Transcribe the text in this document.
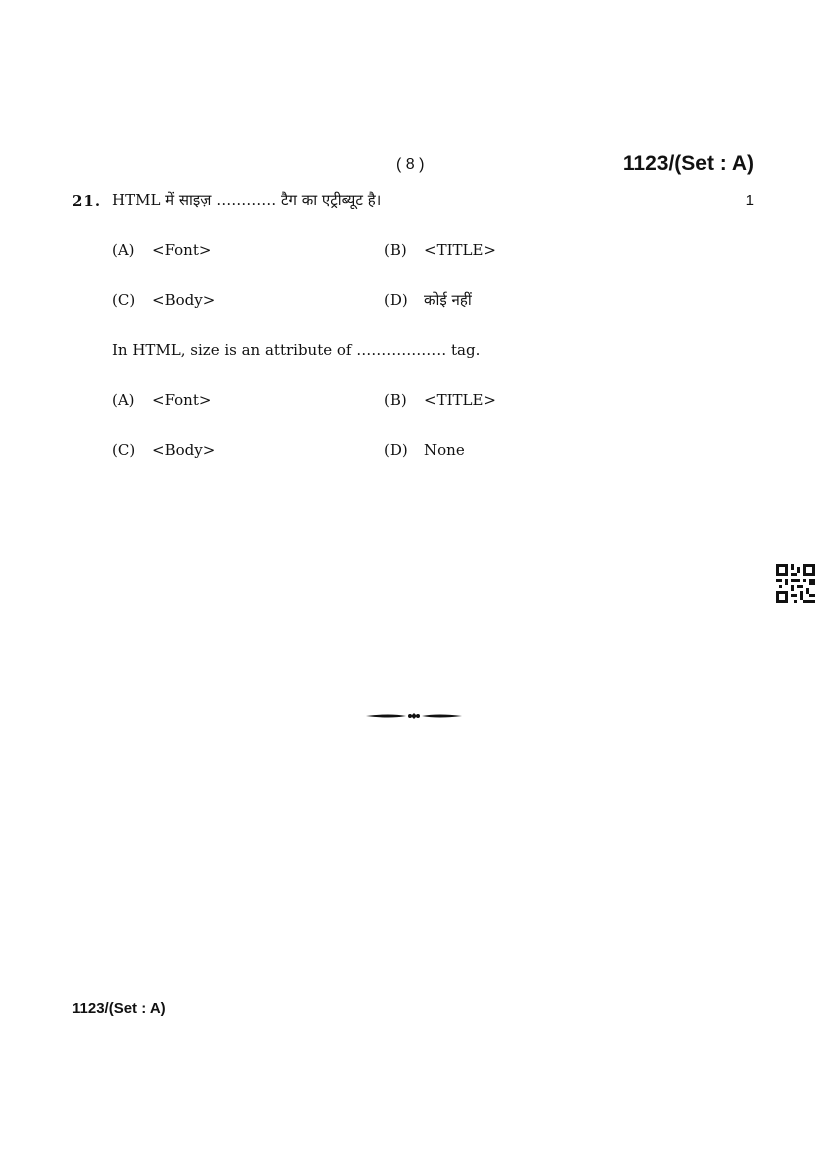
( 8 )	1123/(Set : A)
21. HTML में साइज़ ………… टैग का एट्रीब्यूट है।	1
(A) <Font>	(B) <TITLE>
(C) <Body>	(D) कोई नहीं
In HTML, size is an attribute of ……………… tag.
(A) <Font>	(B) <TITLE>
(C) <Body>	(D) None
1123/(Set : A)
